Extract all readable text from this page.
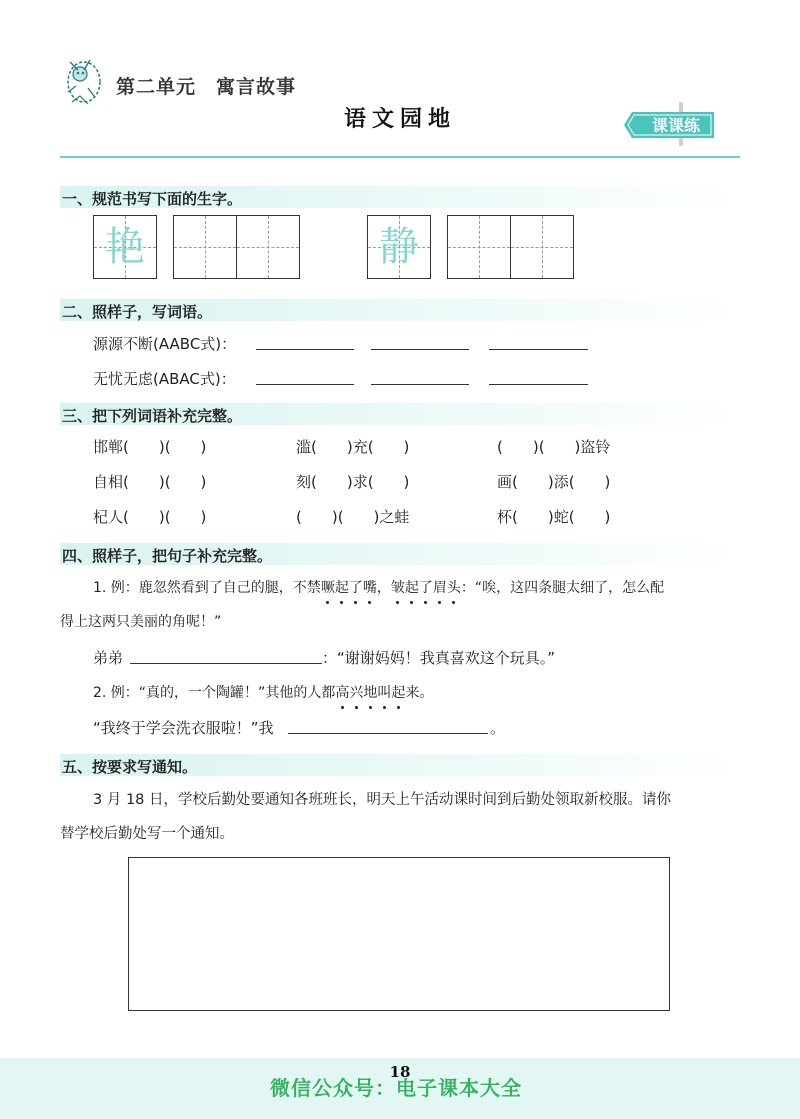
第二单元　寓言故事
语文园地	课课练
一、规范书写下面的生字。
艳	静
二、照样子，写词语。
源源不断(AABC式)：
无忧无虑(ABAC式)：
三、把下列词语补充完整。
邯郸(　　)(　　)	滥(　　)充(　　)	(　　)(　　)盗铃
自相(　　)(　　)	刻(　　)求(　　)	画(　　)添(　　)
杞人(　　)(　　)	(　　)(　　)之蛙	杯(　　)蛇(　　)
四、照样子，把句子补充完整。
1. 例：鹿忽然看到了自己的腿，不禁噘起了嘴，皱起了眉头：“唉，这四条腿太细了，怎么配
得上这两只美丽的角呢！”
弟弟	：“谢谢妈妈！我真喜欢这个玩具。”
2. 例：“真的，一个陶罐！”其他的人都高兴地叫起来。
“我终于学会洗衣服啦！”我	。
五、按要求写通知。
3 月 18 日，学校后勤处要通知各班班长，明天上午活动课时间到后勤处领取新校服。请你
替学校后勤处写一个通知。
18
微信公众号：电子课本大全
